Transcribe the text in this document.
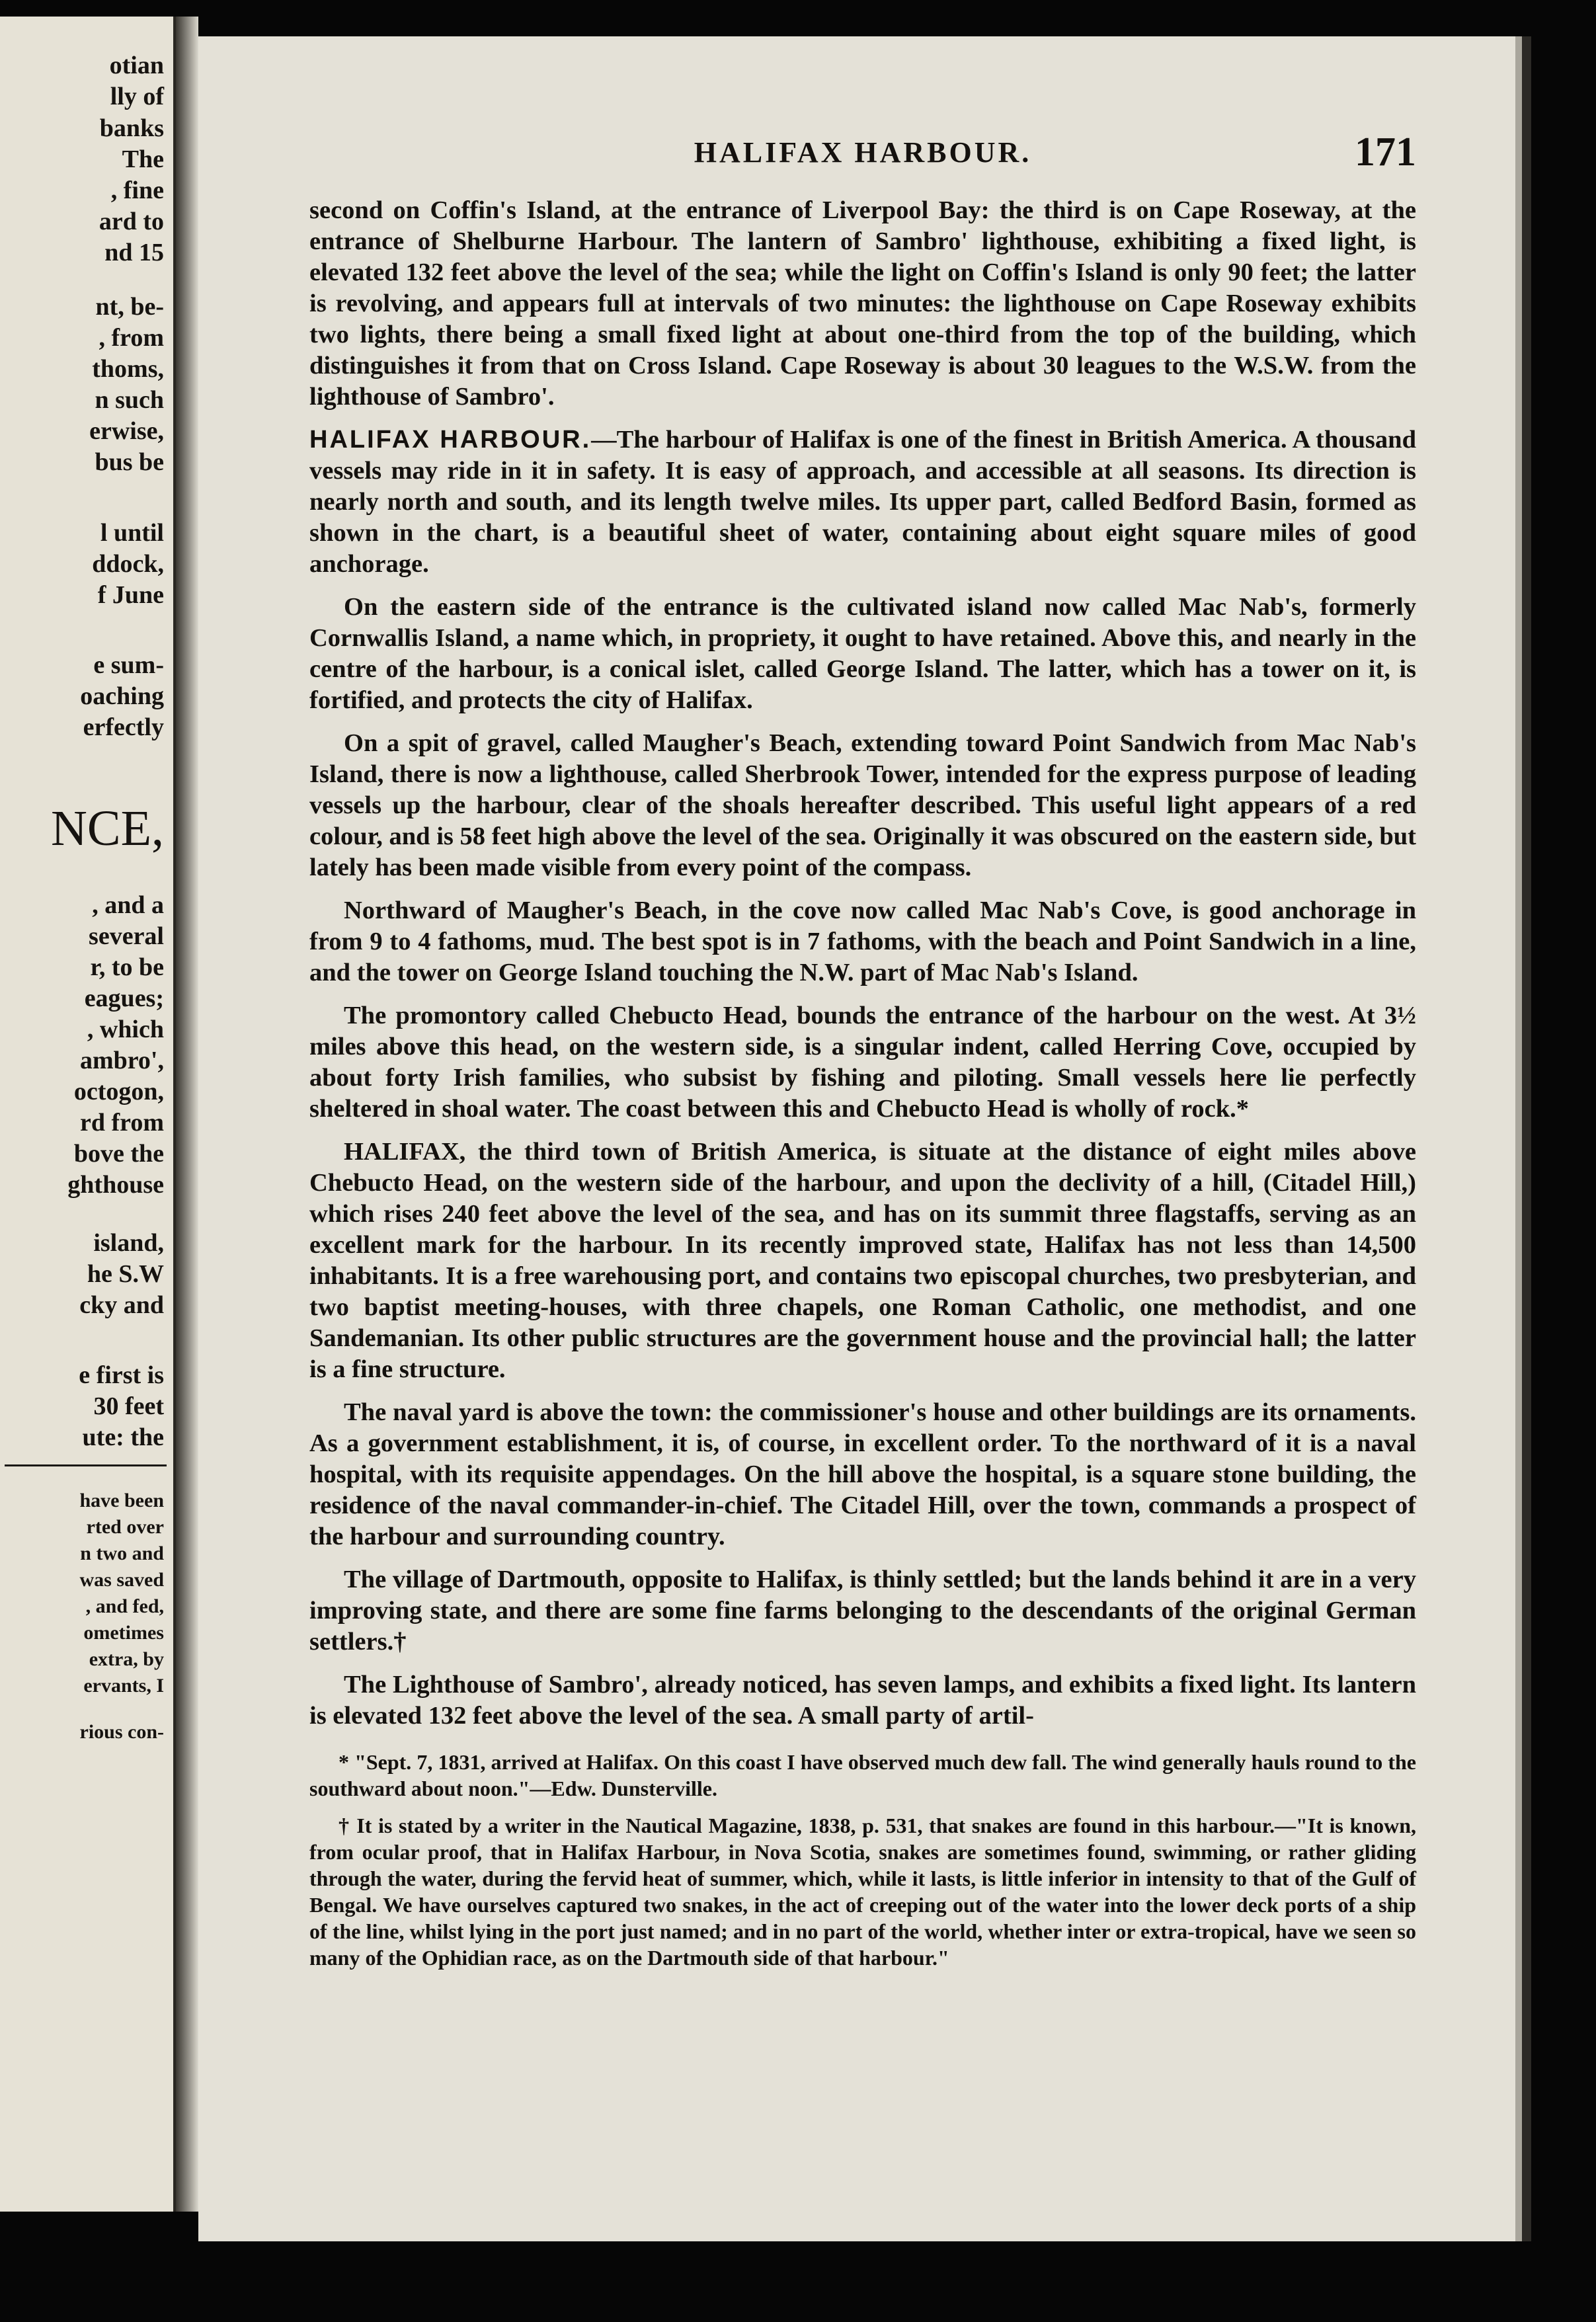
otian
lly of
banks
The
, fine
ard to
nd 15
nt, be-
, from
thoms,
n such
erwise,
bus be
l until
ddock,
f June
e sum-
oaching
erfectly
NCE,
, and a
several
r, to be
eagues;
, which
ambro',
octogon,
rd from
bove the
ghthouse
island,
he S.W
cky and
e first is
30 feet
ute: the
have been
rted over
n two and
was saved
, and fed,
ometimes
extra, by
ervants, I
rious con-
HALIFAX HARBOUR.	171

second on Coffin's Island, at the entrance of Liverpool Bay: the third is on Cape Roseway, at the entrance of Shelburne Harbour. The lantern of Sambro' lighthouse, exhibiting a fixed light, is elevated 132 feet above the level of the sea; while the light on Coffin's Island is only 90 feet; the latter is revolving, and appears full at intervals of two minutes: the lighthouse on Cape Roseway exhibits two lights, there being a small fixed light at about one-third from the top of the building, which distinguishes it from that on Cross Island. Cape Roseway is about 30 leagues to the W.S.W. from the lighthouse of Sambro'.

HALIFAX HARBOUR.—The harbour of Halifax is one of the finest in British America. A thousand vessels may ride in it in safety. It is easy of approach, and accessible at all seasons. Its direction is nearly north and south, and its length twelve miles. Its upper part, called Bedford Basin, formed as shown in the chart, is a beautiful sheet of water, containing about eight square miles of good anchorage.

On the eastern side of the entrance is the cultivated island now called Mac Nab's, formerly Cornwallis Island, a name which, in propriety, it ought to have retained. Above this, and nearly in the centre of the harbour, is a conical islet, called George Island. The latter, which has a tower on it, is fortified, and protects the city of Halifax.

On a spit of gravel, called Maugher's Beach, extending toward Point Sandwich from Mac Nab's Island, there is now a lighthouse, called Sherbrook Tower, intended for the express purpose of leading vessels up the harbour, clear of the shoals hereafter described. This useful light appears of a red colour, and is 58 feet high above the level of the sea. Originally it was obscured on the eastern side, but lately has been made visible from every point of the compass.

Northward of Maugher's Beach, in the cove now called Mac Nab's Cove, is good anchorage in from 9 to 4 fathoms, mud. The best spot is in 7 fathoms, with the beach and Point Sandwich in a line, and the tower on George Island touching the N.W. part of Mac Nab's Island.

The promontory called Chebucto Head, bounds the entrance of the harbour on the west. At 3½ miles above this head, on the western side, is a singular indent, called Herring Cove, occupied by about forty Irish families, who subsist by fishing and piloting. Small vessels here lie perfectly sheltered in shoal water. The coast between this and Chebucto Head is wholly of rock.*

HALIFAX, the third town of British America, is situate at the distance of eight miles above Chebucto Head, on the western side of the harbour, and upon the declivity of a hill, (Citadel Hill,) which rises 240 feet above the level of the sea, and has on its summit three flagstaffs, serving as an excellent mark for the harbour. In its recently improved state, Halifax has not less than 14,500 inhabitants. It is a free warehousing port, and contains two episcopal churches, two presbyterian, and two baptist meeting-houses, with three chapels, one Roman Catholic, one methodist, and one Sandemanian. Its other public structures are the government house and the provincial hall; the latter is a fine structure.

The naval yard is above the town: the commissioner's house and other buildings are its ornaments. As a government establishment, it is, of course, in excellent order. To the northward of it is a naval hospital, with its requisite appendages. On the hill above the hospital, is a square stone building, the residence of the naval commander-in-chief. The Citadel Hill, over the town, commands a prospect of the harbour and surrounding country.

The village of Dartmouth, opposite to Halifax, is thinly settled; but the lands behind it are in a very improving state, and there are some fine farms belonging to the descendants of the original German settlers.†

The Lighthouse of Sambro', already noticed, has seven lamps, and exhibits a fixed light. Its lantern is elevated 132 feet above the level of the sea. A small party of artil-

* "Sept. 7, 1831, arrived at Halifax. On this coast I have observed much dew fall. The wind generally hauls round to the southward about noon."—Edw. Dunsterville.

† It is stated by a writer in the Nautical Magazine, 1838, p. 531, that snakes are found in this harbour.—"It is known, from ocular proof, that in Halifax Harbour, in Nova Scotia, snakes are sometimes found, swimming, or rather gliding through the water, during the fervid heat of summer, which, while it lasts, is little inferior in intensity to that of the Gulf of Bengal. We have ourselves captured two snakes, in the act of creeping out of the water into the lower deck ports of a ship of the line, whilst lying in the port just named; and in no part of the world, whether inter or extra-tropical, have we seen so many of the Ophidian race, as on the Dartmouth side of that harbour."
